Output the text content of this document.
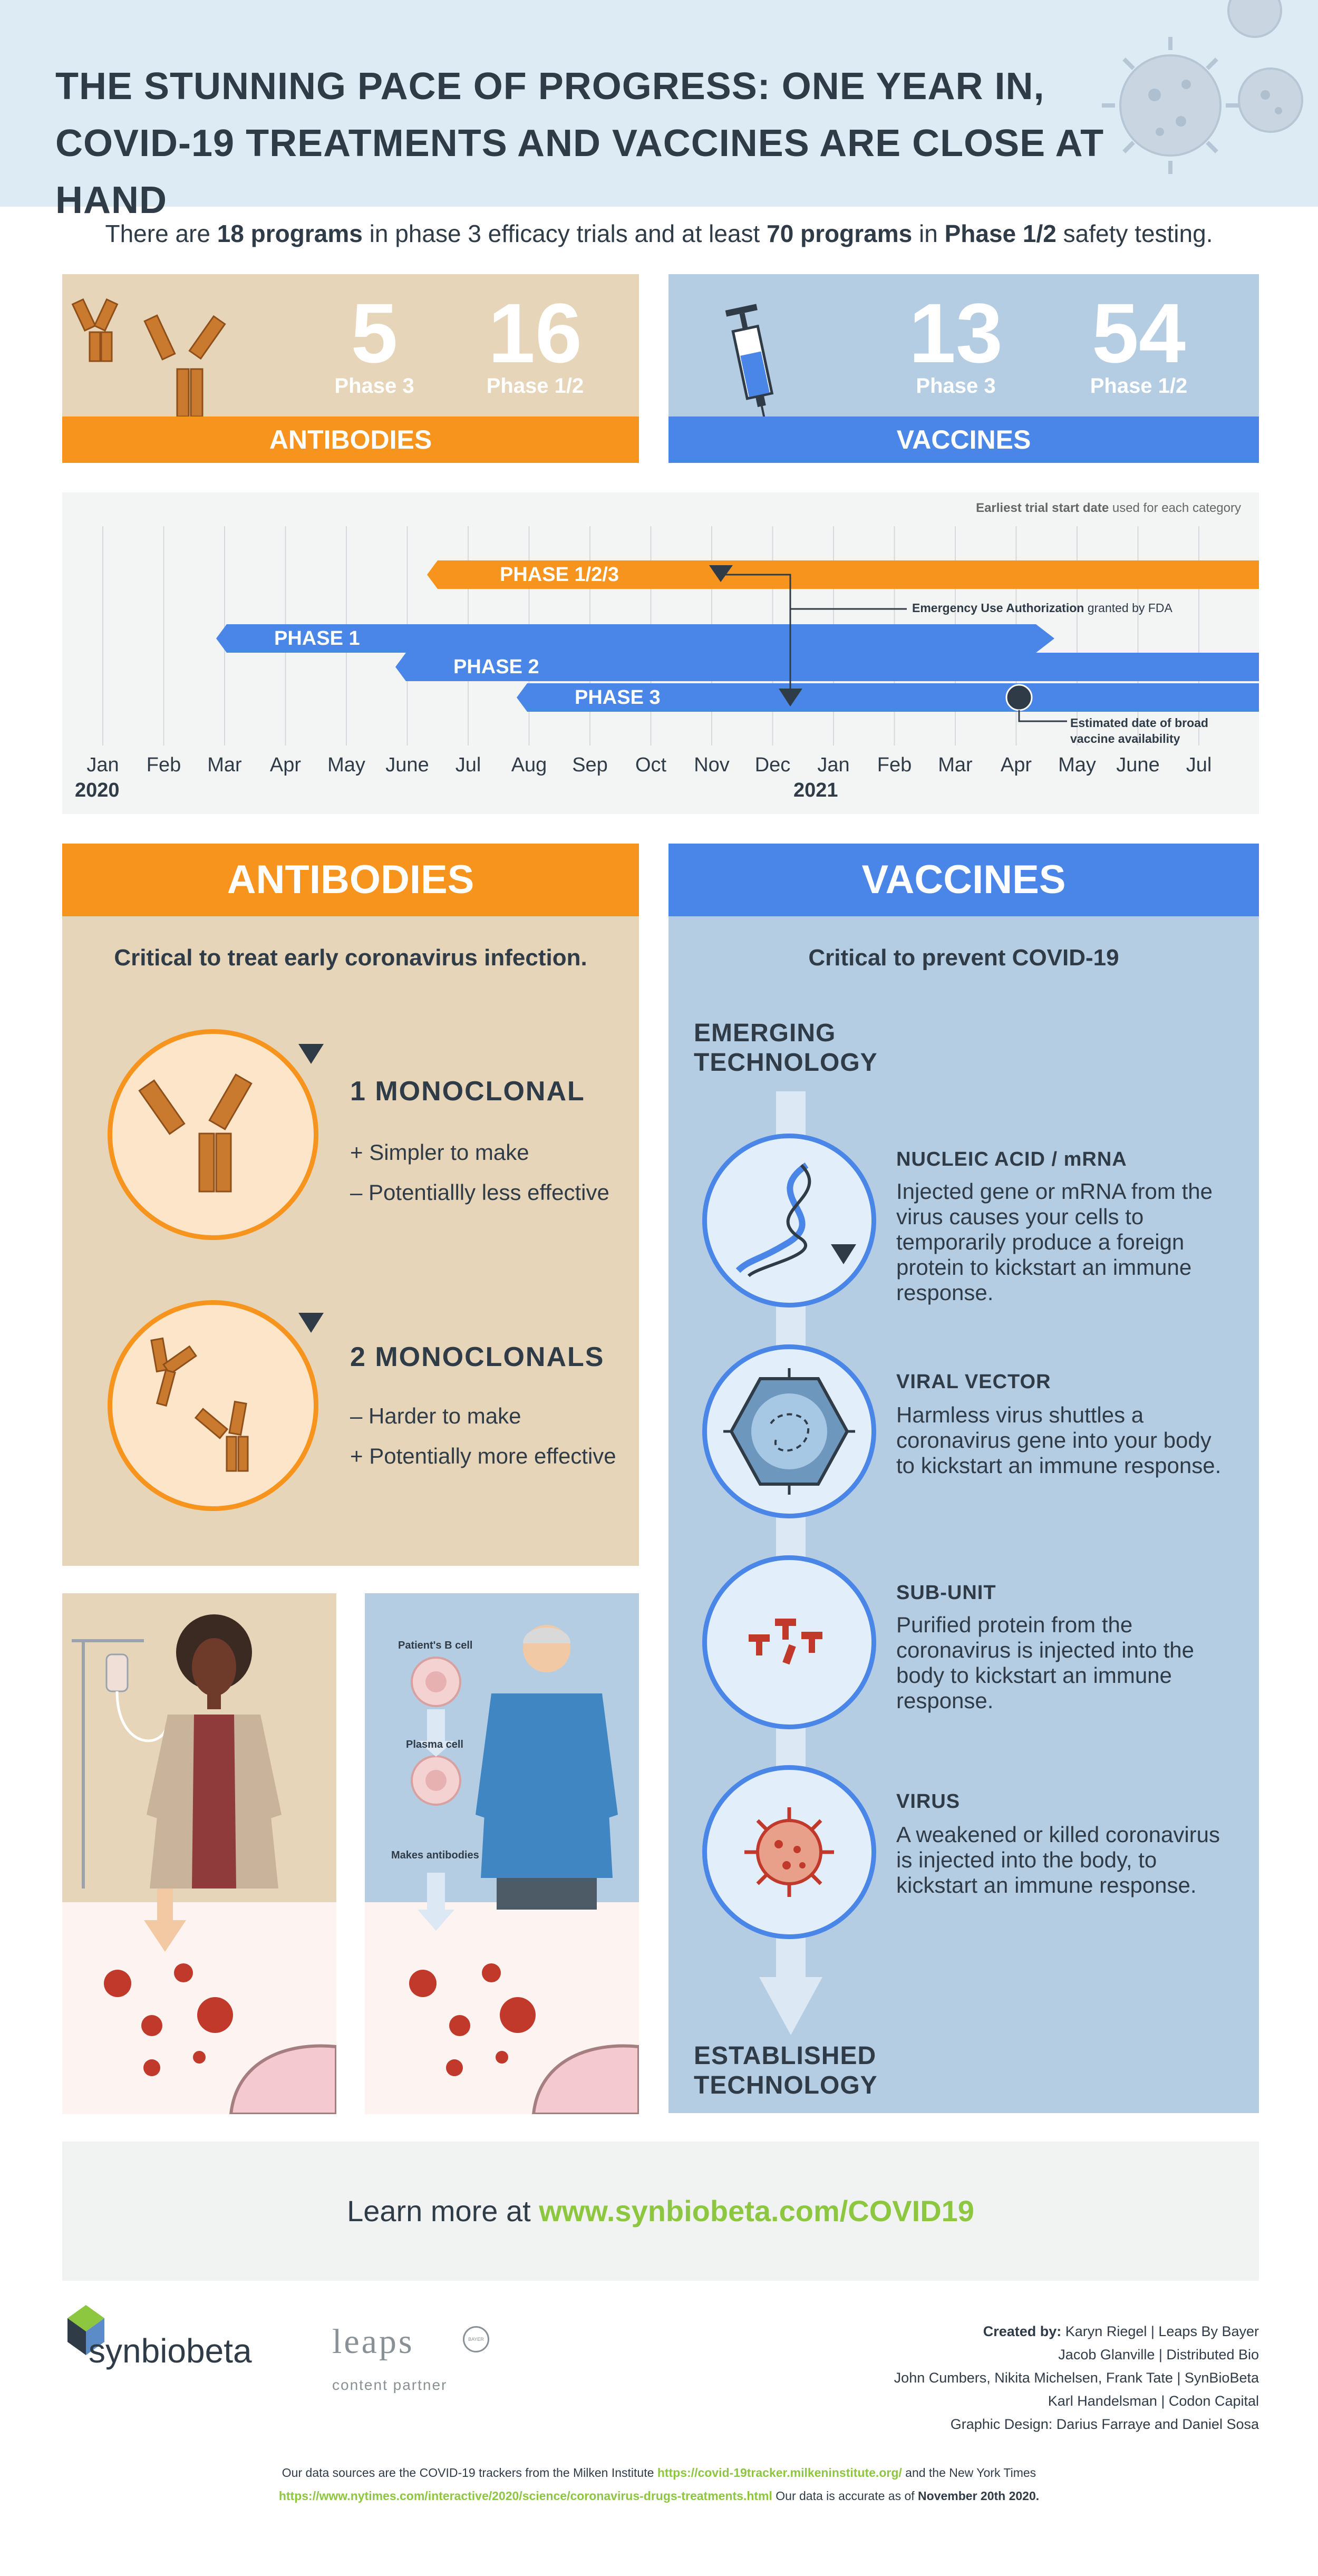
THE STUNNING PACE OF PROGRESS: ONE YEAR IN,
COVID-19 TREATMENTS AND VACCINES ARE CLOSE AT HAND
There are 18 programs in phase 3 efficacy trials and at least 70 programs in Phase 1/2 safety testing.
5
Phase 3
16
Phase 1/2
ANTIBODIES
13
Phase 3
54
Phase 1/2
VACCINES
Earliest trial start date used for each category
Jan	Feb	Mar	Apr	May	June	Jul	Aug	Sep	Oct	Nov	Dec	Jan	Feb	Mar	Apr	May	June	Jul
2020	2021
PHASE 1/2/3
PHASE 1
PHASE 2
PHASE 3
Emergency Use Authorization granted by FDA
Estimated date of broad
vaccine availability
ANTIBODIES
Critical to treat early coronavirus infection.
1 MONOCLONAL
+ Simpler to make
– Potentiallly less effective
2 MONOCLONALS
– Harder to make
+ Potentially more effective
Patient's B cell
Plasma cell
Makes antibodies
VACCINES
Critical to prevent COVID-19
EMERGING
TECHNOLOGY
ESTABLISHED
TECHNOLOGY
NUCLEIC ACID / mRNA
Injected gene or mRNA from the virus causes your cells to temporarily produce a foreign protein to kickstart an immune response.
VIRAL VECTOR
Harmless virus shuttles a coronavirus gene into your body to kickstart an immune response.
SUB-UNIT
Purified protein from the coronavirus is injected into the body to kickstart an immune response.
VIRUS
A weakened or killed coronavirus is injected into the body, to kickstart an immune response.
Learn more at www.synbiobeta.com/COVID19
synbiobeta leaps
content partner
BAYER	Created by: Karyn Riegel | Leaps By Bayer
Jacob Glanville | Distributed Bio
John Cumbers, Nikita Michelsen, Frank Tate | SynBioBeta
Karl Handelsman | Codon Capital
Graphic Design: Darius Farraye and Daniel Sosa
Our data sources are the COVID-19 trackers from the Milken Institute https://covid-19tracker.milkeninstitute.org/ and the New York Times
https://www.nytimes.com/interactive/2020/science/coronavirus-drugs-treatments.html Our data is accurate as of November 20th 2020.
